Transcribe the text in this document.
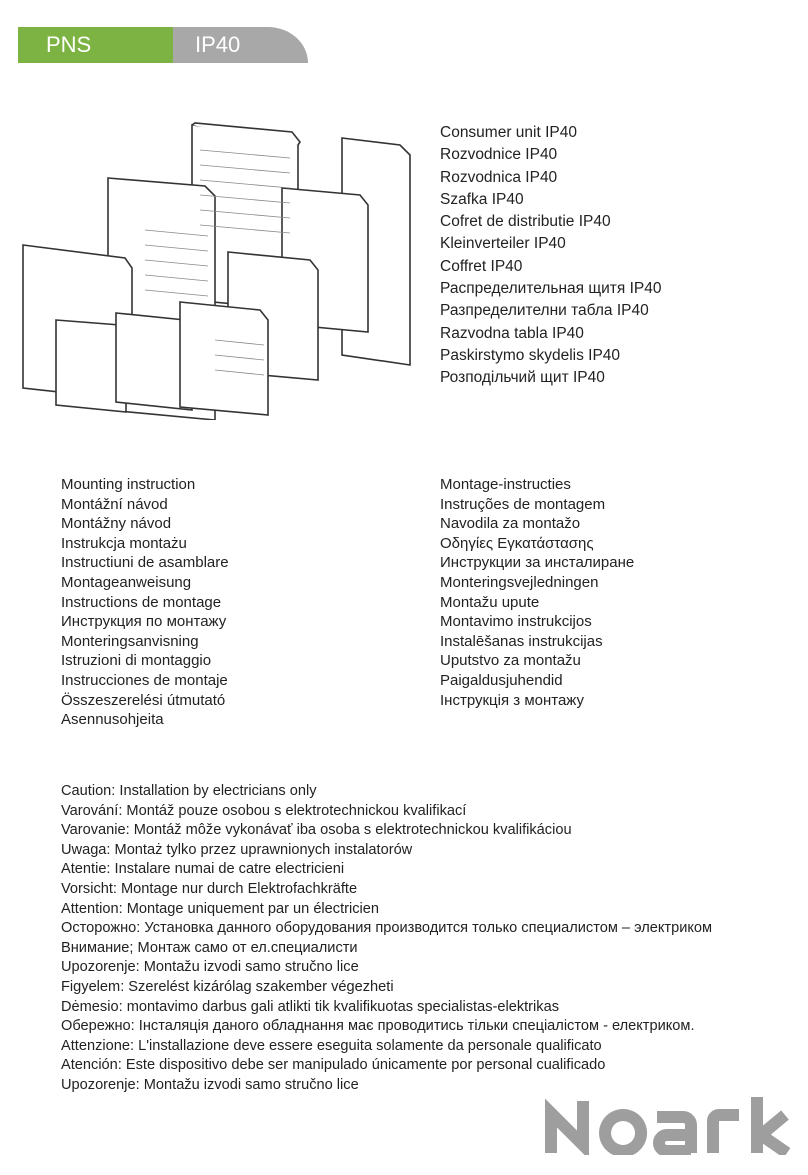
PNS	IP40
Consumer unit IP40
Rozvodnice IP40
Rozvodnica IP40
Szafka IP40
Cofret de distributie IP40
Kleinverteiler IP40
Coffret IP40
Распределительная щитя IP40
Разпределителни табла IP40
Razvodna tabla IP40
Paskirstymo skydelis IP40
Розподільчий щит IP40
Mounting instruction
Montážní návod
Montážny návod
Instrukcja montażu
Instructiuni de asamblare
Montageanweisung
Instructions de montage
Инструкция по монтажу
Monteringsanvisning
Istruzioni di montaggio
Instrucciones de montaje
Összeszerelési útmutató
Asennusohjeita
Montage-instructies
Instruções de montagem
Navodila za montažo
Οδηγίες Εγκατάστασης
Инструкции за инсталиране
Monteringsvejledningen
Montažu upute
Montavimo instrukcijos
Instalēšanas instrukcijas
Uputstvo za montažu
Paigaldusjuhendid
Інструкція з монтажу
Caution: Installation by electricians only
Varování: Montáž pouze osobou s elektrotechnickou kvalifikací
Varovanie: Montáž môže vykonávať iba osoba s elektrotechnickou kvalifikáciou
Uwaga: Montaż tylko przez uprawnionych instalatorów
Atentie: Instalare numai de catre electricieni
Vorsicht: Montage nur durch Elektrofachkräfte
Attention: Montage uniquement par un électricien
Осторожно: Установка данного оборудования производится только специалистом – электриком
Внимание; Монтаж само от ел.специалисти
Upozorenje: Montažu izvodi samo stručno lice
Figyelem: Szerelést kizárólag szakember végezheti
Dėmesio: montavimo darbus gali atlikti tik kvalifikuotas specialistas-elektrikas
Обережно: Інсталяція даного обладнання має проводитись тільки спеціалістом - електриком.
Attenzione: L'installazione deve essere eseguita solamente da personale qualificato
Atención: Este dispositivo debe ser manipulado únicamente por personal cualificado
Upozorenje: Montažu izvodi samo stručno lice
